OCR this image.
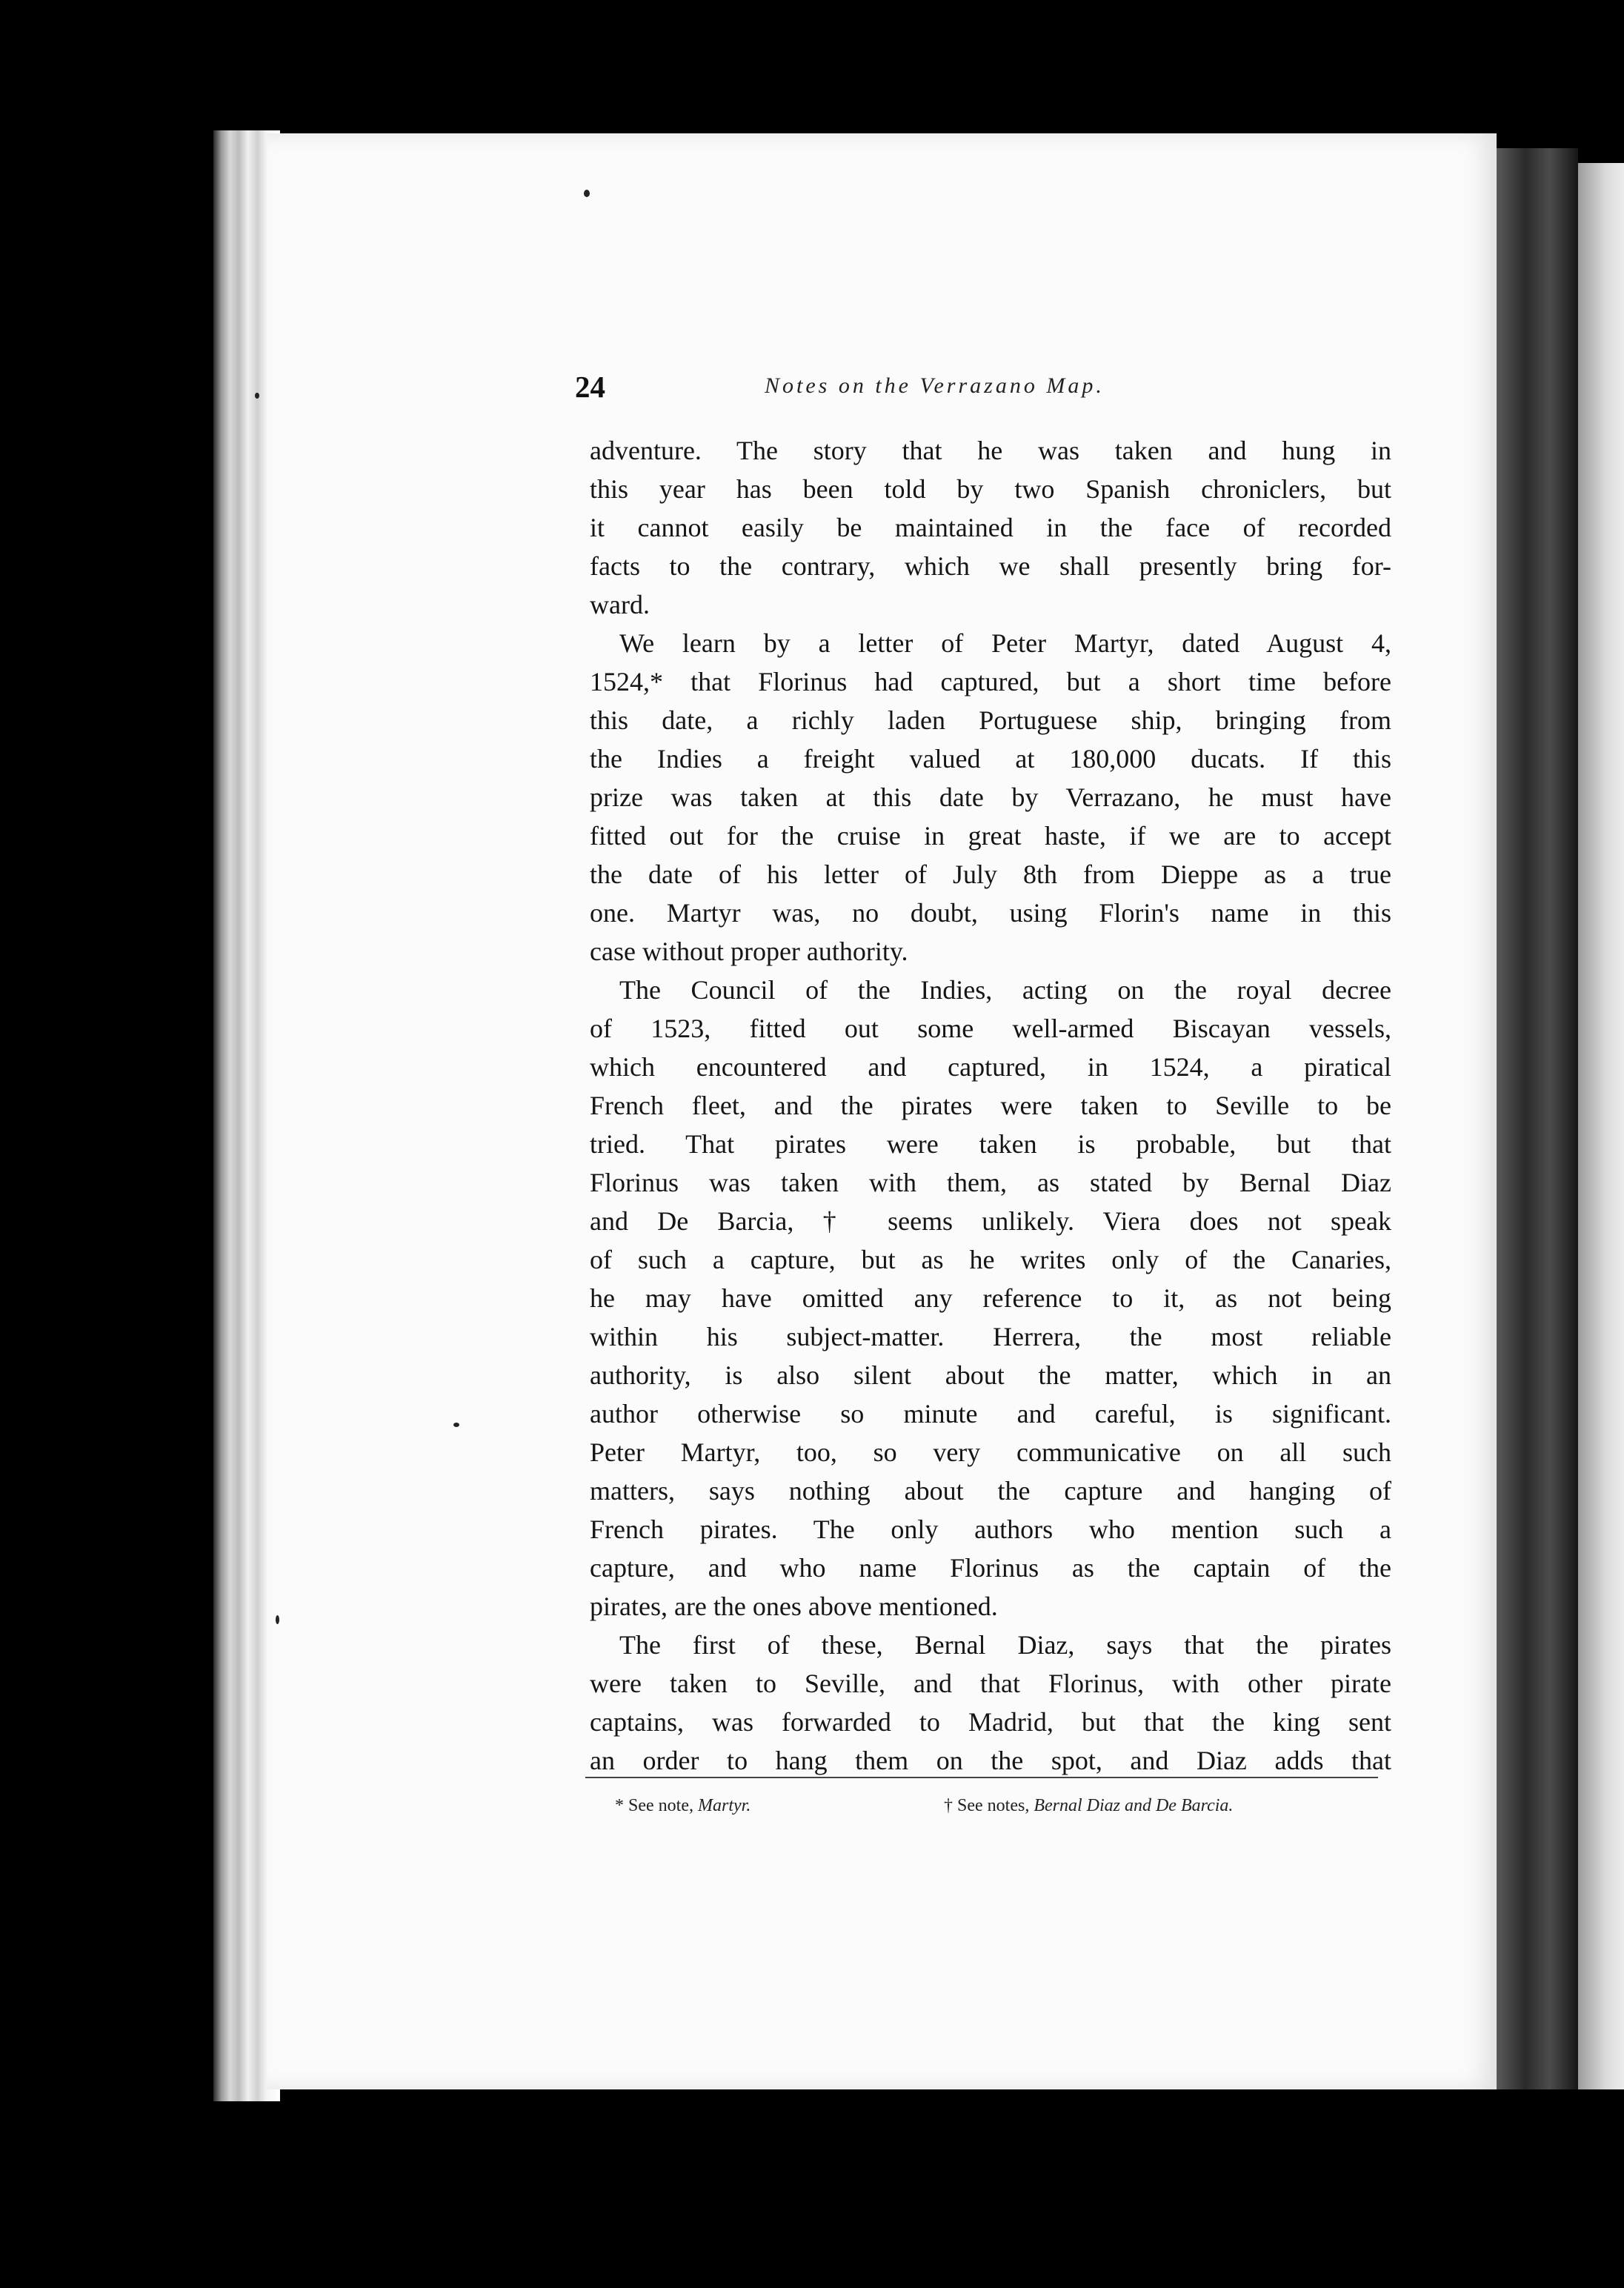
24	Notes on the Verrazano Map.
adventure. The story that he was taken and hung in
this year has been told by two Spanish chroniclers, but
it cannot easily be maintained in the face of recorded
facts to the contrary, which we shall presently bring for-
ward.
We learn by a letter of Peter Martyr, dated August 4,
1524,* that Florinus had captured, but a short time before
this date, a richly laden Portuguese ship, bringing from
the Indies a freight valued at 180,000 ducats. If this
prize was taken at this date by Verrazano, he must have
fitted out for the cruise in great haste, if we are to accept
the date of his letter of July 8th from Dieppe as a true
one. Martyr was, no doubt, using Florin's name in this
case without proper authority.
The Council of the Indies, acting on the royal decree
of 1523, fitted out some well-armed Biscayan vessels,
which encountered and captured, in 1524, a piratical
French fleet, and the pirates were taken to Seville to be
tried. That pirates were taken is probable, but that
Florinus was taken with them, as stated by Bernal Diaz
and De Barcia, † seems unlikely. Viera does not speak
of such a capture, but as he writes only of the Canaries,
he may have omitted any reference to it, as not being
within his subject-matter. Herrera, the most reliable
authority, is also silent about the matter, which in an
author otherwise so minute and careful, is significant.
Peter Martyr, too, so very communicative on all such
matters, says nothing about the capture and hanging of
French pirates. The only authors who mention such a
capture, and who name Florinus as the captain of the
pirates, are the ones above mentioned.
The first of these, Bernal Diaz, says that the pirates
were taken to Seville, and that Florinus, with other pirate
captains, was forwarded to Madrid, but that the king sent
an order to hang them on the spot, and Diaz adds that
* See note, Martyr.	† See notes, Bernal Diaz and De Barcia.
